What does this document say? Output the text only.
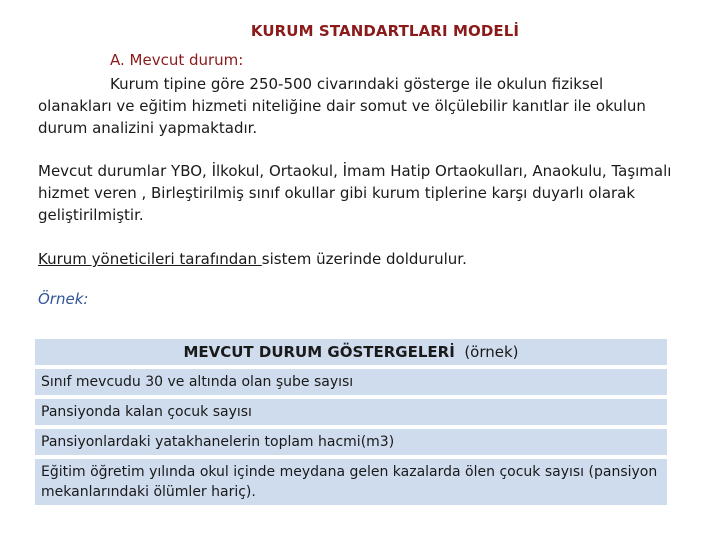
KURUM STANDARTLARI MODELİ
A. Mevcut durum:
Kurum tipine göre 250-500 civarındaki gösterge ile okulun fiziksel olanakları ve eğitim hizmeti niteliğine dair somut ve ölçülebilir kanıtlar ile okulun durum analizini yapmaktadır.
Mevcut durumlar YBO, İlkokul, Ortaokul, İmam Hatip Ortaokulları, Anaokulu, Taşımalı hizmet veren , Birleştirilmiş sınıf okullar gibi kurum tiplerine karşı duyarlı olarak geliştirilmiştir.
Kurum yöneticileri tarafından sistem üzerinde doldurulur.
Örnek:
MEVCUT DURUM GÖSTERGELERİ  (örnek)
Sınıf mevcudu 30 ve altında olan şube sayısı
Pansiyonda kalan çocuk sayısı
Pansiyonlardaki yatakhanelerin toplam hacmi(m3)
Eğitim öğretim yılında okul içinde meydana gelen kazalarda ölen çocuk sayısı (pansiyon mekanlarındaki ölümler hariç).
